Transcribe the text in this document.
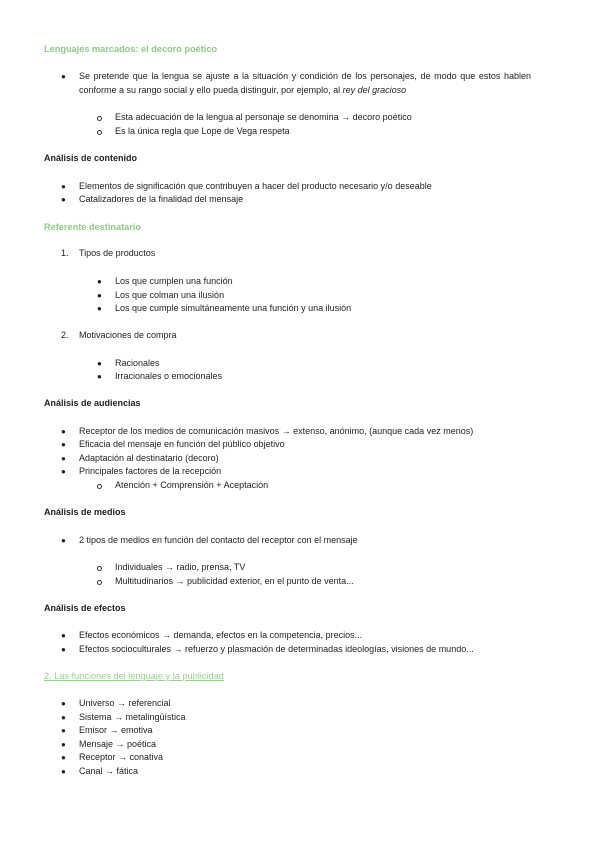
Lenguajes marcados: el decoro poético
● Se pretende que la lengua se ajuste a la situación y condición de los personajes, de modo que estos hablen conforme a su rango social y ello pueda distinguir, por ejemplo, al rey del gracioso
Esta adecuación de la lengua al personaje se denomina → decoro poético
Es la única regla que Lope de Vega respeta
Análisis de contenido
● Elementos de significación que contribuyen a hacer del producto necesario y/o deseable
● Catalizadores de la finalidad del mensaje
Referente destinatario
1. Tipos de productos
● Los que cumplen una función
● Los que colman una ilusión
● Los que cumple simultáneamente una función y una ilusión
2. Motivaciones de compra
● Racionales
● Irracionales o emocionales
Análisis de audiencias
● Receptor de los medios de comunicación masivos → extenso, anónimo, (aunque cada vez menos)
● Eficacia del mensaje en función del público objetivo
● Adaptación al destinatario (decoro)
● Principales factores de la recepción
Atención + Comprensión + Aceptación
Análisis de medios
● 2 tipos de medios en función del contacto del receptor con el mensaje
Individuales → radio, prensa, TV
Multitudinarios → publicidad exterior, en el punto de venta...
Análisis de efectos
● Efectos económicos → demanda, efectos en la competencia, precios...
● Efectos socioculturales → refuerzo y plasmación de determinadas ideologías, visiones de mundo...
2. Las funciones del lenguaje y la publicidad
● Universo → referencial
● Sistema → metalingüística
● Emisor → emotiva
● Mensaje → poética
● Receptor → conativa
● Canal → fática
